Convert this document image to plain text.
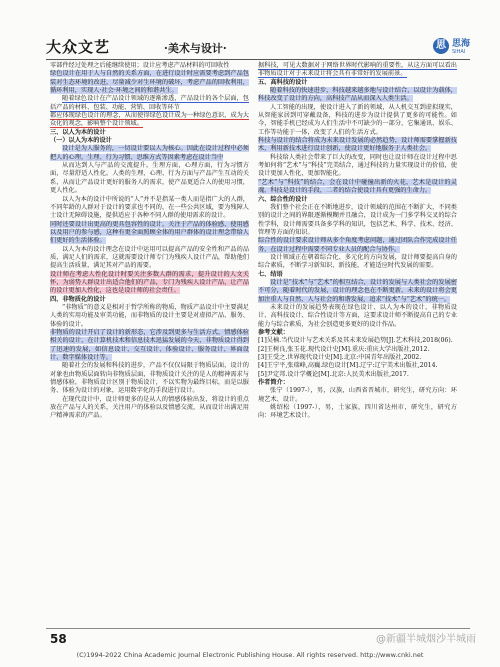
大众文艺	·美术与设计·	思 思海
SIHAI

零部件经过处理之后能继续使用；设计应考虑产品材料的可回收性

绿色设计在用于人与自然的关系方面，在进行设计时应需要考虑到产品包装对生态环境的改进，尽量减少对生环境的破坏，考虑产品的回收利用，循环利用，实现人·社会·环境之间的和谐共生。

随着绿色设计在产品设计领域的逐渐渗透，产品设计的各个层面，包括产品的材料、包装、功能、营销、回收等环节

都应体现绿色设计的理念，从而使得绿色设计成为一种绿色意识，成为大众化的观念，影响整个设计领域。

三、以人为本的设计

（一）以人为本的设计

设计是为人服务的，一切设计要以人为核心。因此在设计过程中必须把人的心理、生理、行为习惯、思维方式等因素考虑在设计当中

从而达到人与产品的交流提升。生理方面，心理方面，行为习惯方面，尽量舒适人性化。人类的生理、心理、行为方面与产品产生互动的关系，从而让产品设计更好的服务人的需求，使产品更适合人的使用习惯，更人性化。

以人为本的设计中所说的“人”并不是指某一类人而是指广大的人群，不同年龄的人群对于设计的要求也不同的，在一些公共区域，要为残障人士设计无障碍设施，提供适应于各种不同人群的使用需求的设计。

同时还要设计出更高的更具包容性的设计，关注于产品的体验感、使用感以及用户的参与感，这种有更全面照顾全体的用户群体的设计理念带给人们更好的生活体验。

以人为本的设计理念在设计中运用可以提高产品的安全性和产品的品质，满足人们的需求，这就需要设计师专门为残疾人设计产品，帮助他们提高生活质量，满足其对产品的需要。

设计师在考虑人性化设计时要关注多数人群的需求，提升设计的人文关怀，为弱势人群设计出适合他们的产品，专门为残疾人设计产品，让产品的设计更加人性化，这也是设计师的社会责任。

四、非物质化的设计

“非物质”的意义是相对于哲学所称的物质，物质产品设计中主要满足人类的实用功能及审美功能，而非物质的设计主要是对虚拟产品、服务、体验的设计。

非物质的设计开启了设计的新形态，它涉及到更多与生活方式、情感体验相关的设计，在计算机技术和信息技术迅猛发展的今天，非物质设计得到了迅速的发展，如信息设计、交互设计、体验设计、服务设计、界面设计、数字媒体设计等。

随着社会的发展和科技的进步，产品不仅仅局限于物质层面，设计的对象也由物质层面转向非物质层面，非物质设计关注的是人的精神需求与情感体验，非物质设计区别于物质设计，不以实物为最终目标，而是以服务、体验为设计的对象，运用数字化的手段进行设计。

在现代设计中，设计师更多的是从人的情感体验出发，将设计的重点放在产品与人的关系，关注用户的体验以及情感交流，从而设计出满足用户精神需求的产品。

据科技，可见大数据对于网络世界时代影响的重要性，从这方面可以看出非物质设计对于未来设计将会具有非常好的发展前景。

五、高科技的设计

随着科技的快速进步，科技越来越多地与设计结合，以设计为载体，科技改变了设计的方向，高科技产品从而深入人类生活。

人工智能的出现，使设计进入了新的领域，从人机交互到虚拟现实，从智能家居到可穿戴设备，科技的进步为设计提供了更多的可能性。如今，智能手机已经成为人们生活中不可缺少的一部分，它集通讯、娱乐、工作等功能于一体，改变了人们的生活方式。

科技与设计的结合将成为未来设计发展的必然趋势，设计师需要掌握新技术，利用新技术进行设计创新，使设计更好地服务于人类社会。

科技给人类社会带来了巨大的改变，同时也让设计师在设计过程中思考如何将“艺术”与“科技”完美结合，通过科技的力量实现设计的价值，使设计更加人性化，更加智能化。

“艺术”与“科技”的结合，会在设计中碰撞出新的火花，艺术是设计的灵魂，科技是设计的手段，二者的结合使设计具有更强的生命力。

六、综合性的设计

我们整个社会正在不断地进步，设计领域的范围在不断扩大，不同类别的设计之间的界限逐渐模糊并且融合，设计成为一门多学科交叉的综合性学科，设计师需要具备多学科的知识，包括艺术、科学、技术、经济、管理等方面的知识。

综合性的设计要求设计师从多个角度考虑问题，通过团队合作完成设计任务，在设计过程中需要不同专业人员的配合与协作。

设计领域正在朝着综合化、多元化的方向发展，设计师要提高自身的综合素质，不断学习新知识、新技能，才能适应时代发展的需要。

七、结语

设计是“技术”与“艺术”的相互结合，设计的发展与人类社会的发展密不可分，随着时代的发展，设计的理念也在不断更新，未来的设计将会更加注重人与自然、人与社会的和谐发展，追求“技术”与“艺术”的统一。

未来设计的发展趋势表现在绿色设计、以人为本的设计、非物质设计、高科技设计、综合性设计等方面，这要求设计师不断提高自己的专业能力与综合素质，为社会创造更多更好的设计作品。

参考文献：

[1]吴楠.当代设计与艺术关系及其未来发展趋势[J].艺术科技,2018(06).

[2]王树良,张玉花.现代设计史[M].重庆:重庆大学出版社,2012.

[3]王受之.世界现代设计史[M].北京:中国青年出版社,2002.

[4]王宁平,张瑞峰,高巍.绿色设计[M].辽宁:辽宁美术出版社,2014.

[5]尹定邦.设计学概论[M].北京:人民美术出版社,2017.

作者简介：

张宁（1997-），男，汉族，山西省晋城市，研究生，研究方向：环境艺术、设计。

姚绍松（1997-），男，土家族，四川省达州市，研究生，研究方向：环境艺术设计。

58	@新疆半城烟沙半城雨
(C)1994-2022 China Academic Journal Electronic Publishing House. All rights reserved. http://www.cnki.net
